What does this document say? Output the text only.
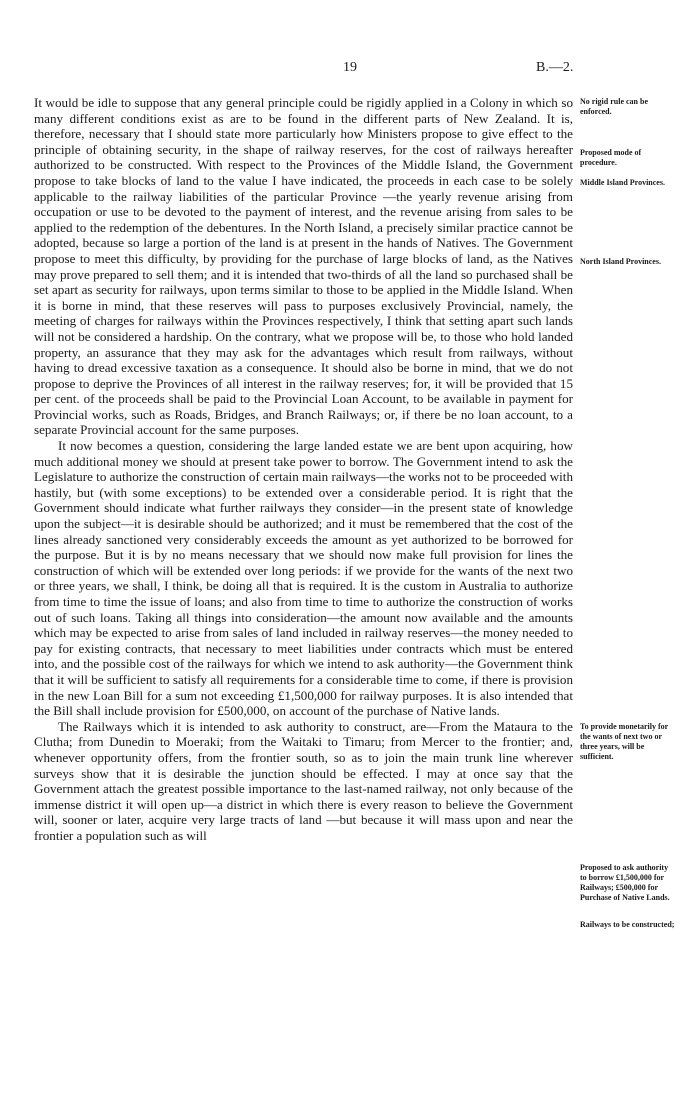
19	B.—2.

It would be idle to suppose that any general principle could be rigidly applied in a Colony in which so many different conditions exist as are to be found in the different parts of New Zealand. It is, therefore, necessary that I should state more particularly how Ministers propose to give effect to the principle of obtaining security, in the shape of railway reserves, for the cost of railways hereafter authorized to be constructed. With respect to the Provinces of the Middle Island, the Government propose to take blocks of land to the value I have indicated, the proceeds in each case to be solely applicable to the railway liabilities of the particular Province —the yearly revenue arising from occupation or use to be devoted to the payment of interest, and the revenue arising from sales to be applied to the redemption of the debentures. In the North Island, a precisely similar practice cannot be adopted, because so large a portion of the land is at present in the hands of Natives. The Government propose to meet this difficulty, by providing for the purchase of large blocks of land, as the Natives may prove prepared to sell them; and it is intended that two-thirds of all the land so purchased shall be set apart as security for railways, upon terms similar to those to be applied in the Middle Island. When it is borne in mind, that these reserves will pass to purposes exclusively Provincial, namely, the meeting of charges for railways within the Provinces respectively, I think that setting apart such lands will not be considered a hardship. On the contrary, what we propose will be, to those who hold landed property, an assurance that they may ask for the advantages which result from railways, without having to dread excessive taxation as a consequence. It should also be borne in mind, that we do not propose to deprive the Provinces of all interest in the railway reserves; for, it will be provided that 15 per cent. of the proceeds shall be paid to the Provincial Loan Account, to be available in payment for Provincial works, such as Roads, Bridges, and Branch Railways; or, if there be no loan account, to a separate Provincial account for the same purposes.

It now becomes a question, considering the large landed estate we are bent upon acquiring, how much additional money we should at present take power to borrow. The Government intend to ask the Legislature to authorize the construction of certain main railways—the works not to be proceeded with hastily, but (with some exceptions) to be extended over a considerable period. It is right that the Government should indicate what further railways they consider—in the present state of knowledge upon the subject—it is desirable should be authorized; and it must be remembered that the cost of the lines already sanctioned very considerably exceeds the amount as yet authorized to be borrowed for the purpose. But it is by no means necessary that we should now make full provision for lines the construction of which will be extended over long periods: if we provide for the wants of the next two or three years, we shall, I think, be doing all that is required. It is the custom in Australia to authorize from time to time the issue of loans; and also from time to time to authorize the construction of works out of such loans. Taking all things into consideration—the amount now available and the amounts which may be expected to arise from sales of land included in railway reserves—the money needed to pay for existing contracts, that necessary to meet liabilities under contracts which must be entered into, and the possible cost of the railways for which we intend to ask authority—the Government think that it will be sufficient to satisfy all requirements for a considerable time to come, if there is provision in the new Loan Bill for a sum not exceeding £1,500,000 for railway purposes. It is also intended that the Bill shall include provision for £500,000, on account of the purchase of Native lands.

The Railways which it is intended to ask authority to construct, are—From the Mataura to the Clutha; from Dunedin to Moeraki; from the Waitaki to Timaru; from Mercer to the frontier; and, whenever opportunity offers, from the frontier south, so as to join the main trunk line wherever surveys show that it is desirable the junction should be effected. I may at once say that the Government attach the greatest possible importance to the last-named railway, not only because of the immense district it will open up—a district in which there is every reason to believe the Government will, sooner or later, acquire very large tracts of land —but because it will mass upon and near the frontier a population such as will

No rigid rule can be enforced.
Proposed mode of procedure.
Middle Island Provinces.
North Island Provinces.
To provide monetarily for the wants of next two or three years, will be sufficient.
Proposed to ask authority to borrow £1,500,000 for Railways; £500,000 for Purchase of Native Lands.
Railways to be constructed;
